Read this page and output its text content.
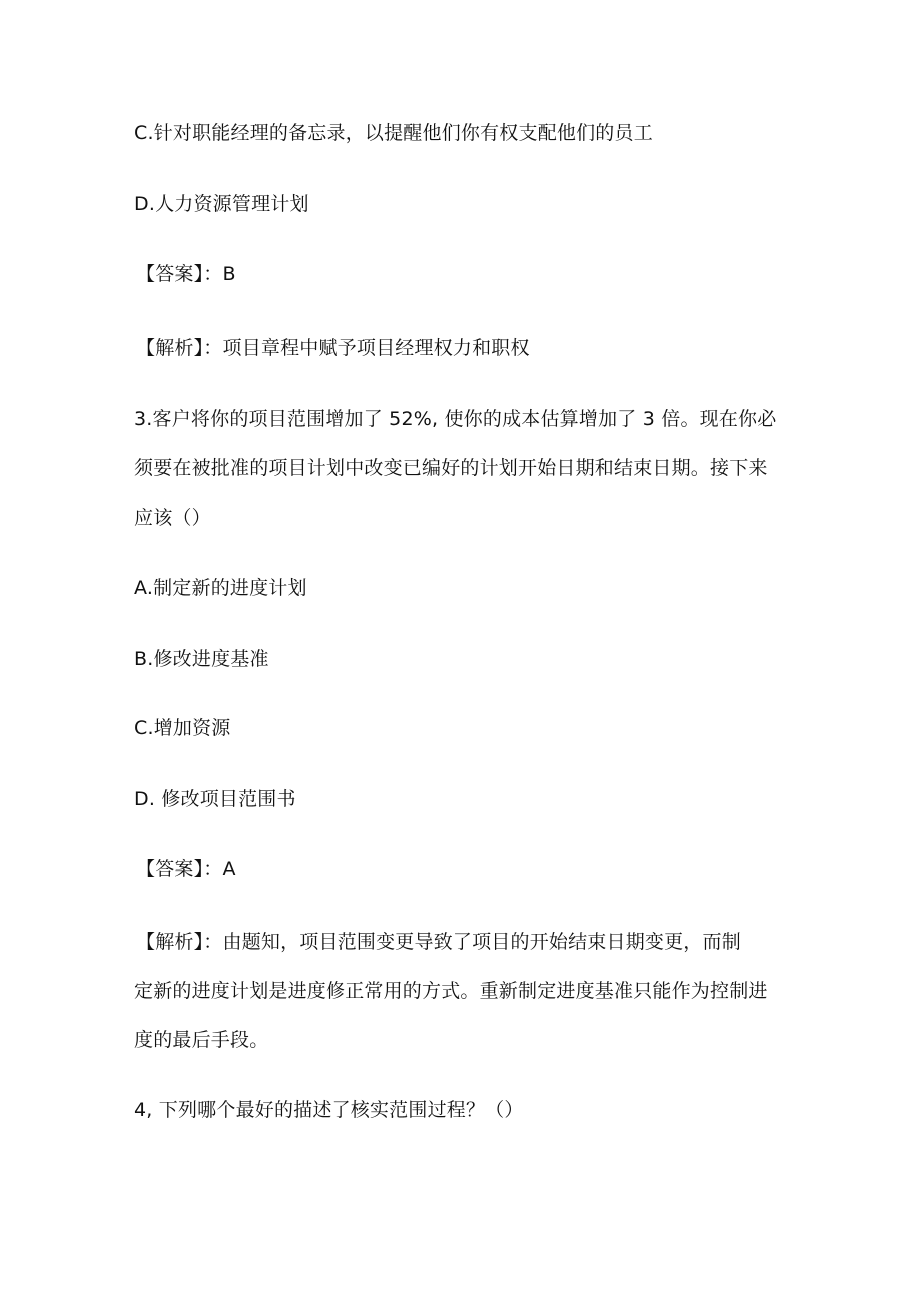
C.针对职能经理的备忘录，以提醒他们你有权支配他们的员工
D.人力资源管理计划
【答案】：B
【解析】：项目章程中赋予项目经理权力和职权
3.客户将你的项目范围增加了 52%, 使你的成本估算增加了 3 倍。现在你必
须要在被批准的项目计划中改变已编好的计划开始日期和结束日期。接下来
应该（）
A.制定新的进度计划
B.修改进度基准
C.增加资源
D. 修改项目范围书
【答案】：A
【解析】：由题知，项目范围变更导致了项目的开始结束日期变更，而制
定新的进度计划是进度修正常用的方式。重新制定进度基准只能作为控制进
度的最后手段。
4, 下列哪个最好的描述了核实范围过程？（）
